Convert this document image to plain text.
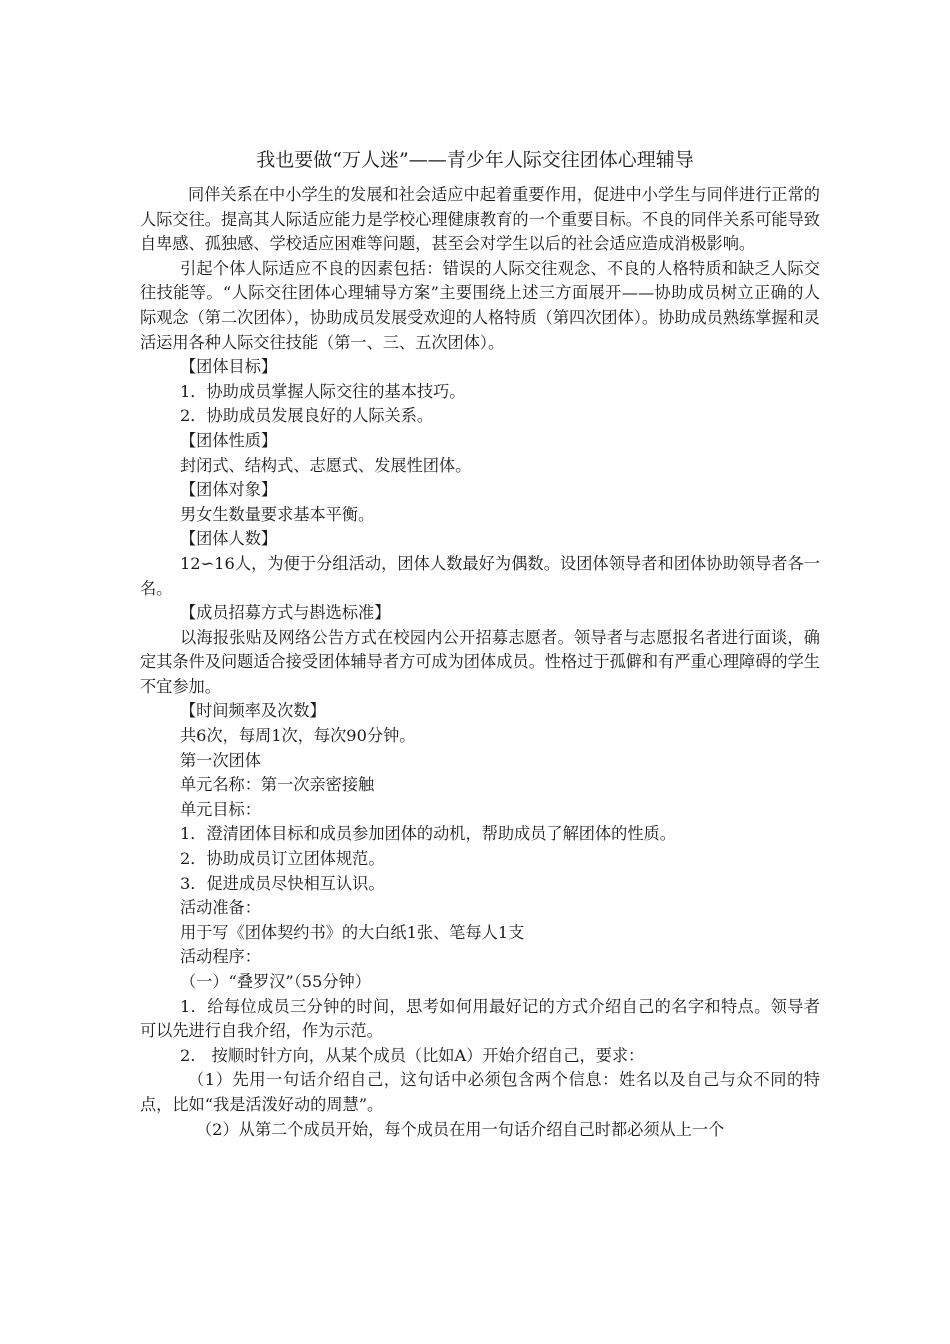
我也要做“万人迷”——青少年人际交往团体心理辅导

同伴关系在中小学生的发展和社会适应中起着重要作用，促进中小学生与同伴进行正常的人际交往。提高其人际适应能力是学校心理健康教育的一个重要目标。不良的同伴关系可能导致自卑感、孤独感、学校适应困难等问题，甚至会对学生以后的社会适应造成消极影响。

引起个体人际适应不良的因素包括：错误的人际交往观念、不良的人格特质和缺乏人际交往技能等。“人际交往团体心理辅导方案”主要围绕上述三方面展开——协助成员树立正确的人际观念（第二次团体），协助成员发展受欢迎的人格特质（第四次团体）。协助成员熟练掌握和灵活运用各种人际交往技能（第一、三、五次团体）。

【团体目标】

1．协助成员掌握人际交往的基本技巧。

2．协助成员发展良好的人际关系。

【团体性质】

封闭式、结构式、志愿式、发展性团体。

【团体对象】

男女生数量要求基本平衡。

【团体人数】

12∽16人，为便于分组活动，团体人数最好为偶数。设团体领导者和团体协助领导者各一名。

【成员招募方式与斟选标准】

以海报张贴及网络公告方式在校园内公开招募志愿者。领导者与志愿报名者进行面谈，确定其条件及问题适合接受团体辅导者方可成为团体成员。性格过于孤僻和有严重心理障碍的学生不宜参加。

【时间频率及次数】

共6次，每周1次，每次90分钟。

第一次团体

单元名称：第一次亲密接触

单元目标：

1．澄清团体目标和成员参加团体的动机，帮助成员了解团体的性质。

2．协助成员订立团体规范。

3．促进成员尽快相互认识。

活动准备：

用于写《团体契约书》的大白纸1张、笔每人1支

活动程序：

（一）“叠罗汉”（55分钟）

1．给每位成员三分钟的时间，思考如何用最好记的方式介绍自己的名字和特点。领导者可以先进行自我介绍，作为示范。

2.　按顺时针方向，从某个成员（比如A）开始介绍自己，要求：

（1）先用一句话介绍自己，这句话中必须包含两个信息：姓名以及自己与众不同的特点，比如“我是活泼好动的周慧”。

（2）从第二个成员开始，每个成员在用一句话介绍自己时都必须从上一个
